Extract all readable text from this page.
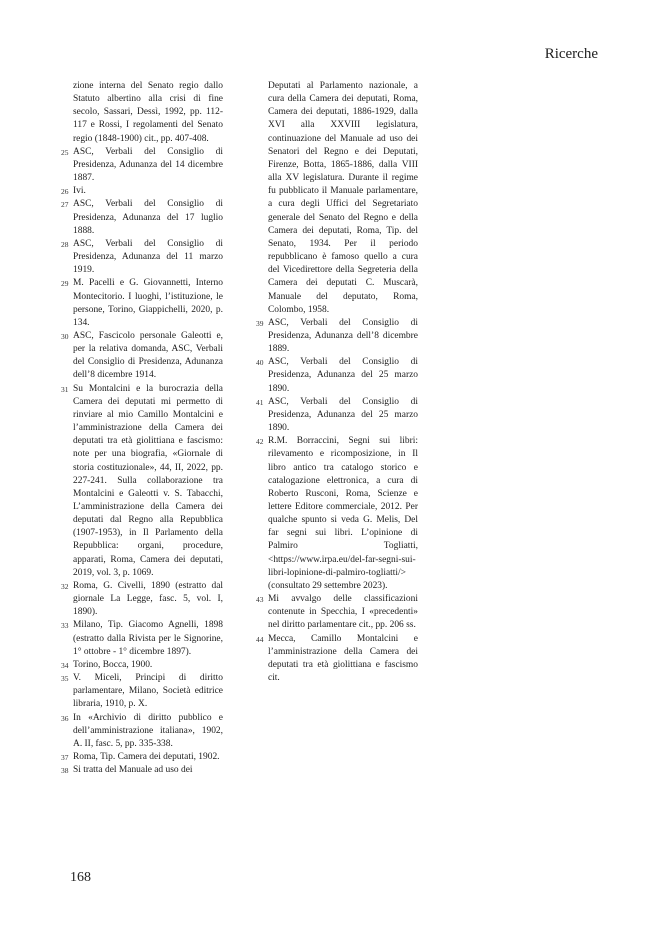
Ricerche
zione interna del Senato regio dallo Statuto albertino alla crisi di fine secolo, Sassari, Dessì, 1992, pp. 112-117 e Rossi, I regolamenti del Senato regio (1848-1900) cit., pp. 407-408.
25 ASC, Verbali del Consiglio di Presidenza, Adunanza del 14 dicembre 1887.
26 Ivi.
27 ASC, Verbali del Consiglio di Presidenza, Adunanza del 17 luglio 1888.
28 ASC, Verbali del Consiglio di Presidenza, Adunanza del 11 marzo 1919.
29 M. Pacelli e G. Giovannetti, Interno Montecitorio. I luoghi, l’istituzione, le persone, Torino, Giappichelli, 2020, p. 134.
30 ASC, Fascicolo personale Galeotti e, per la relativa domanda, ASC, Verbali del Consiglio di Presidenza, Adunanza dell’8 dicembre 1914.
31 Su Montalcini e la burocrazia della Camera dei deputati mi permetto di rinviare al mio Camillo Montalcini e l’amministrazione della Camera dei deputati tra età giolittiana e fascismo: note per una biografia, «Giornale di storia costituzionale», 44, II, 2022, pp. 227-241. Sulla collaborazione tra Montalcini e Galeotti v. S. Tabacchi, L’amministrazione della Camera dei deputati dal Regno alla Repubblica (1907-1953), in Il Parlamento della Repubblica: organi, procedure, apparati, Roma, Camera dei deputati, 2019, vol. 3, p. 1069.
32 Roma, G. Civelli, 1890 (estratto dal giornale La Legge, fasc. 5, vol. I, 1890).
33 Milano, Tip. Giacomo Agnelli, 1898 (estratto dalla Rivista per le Signorine, 1° ottobre - 1° dicembre 1897).
34 Torino, Bocca, 1900.
35 V. Miceli, Principi di diritto parlamentare, Milano, Società editrice libraria, 1910, p. X.
36 In «Archivio di diritto pubblico e dell’amministrazione italiana», 1902, A. II, fasc. 5, pp. 335-338.
37 Roma, Tip. Camera dei deputati, 1902.
38 Si tratta del Manuale ad uso dei
Deputati al Parlamento nazionale, a cura della Camera dei deputati, Roma, Camera dei deputati, 1886-1929, dalla XVI alla XXVIII legislatura, continuazione del Manuale ad uso dei Senatori del Regno e dei Deputati, Firenze, Botta, 1865-1886, dalla VIII alla XV legislatura. Durante il regime fu pubblicato il Manuale parlamentare, a cura degli Uffici del Segretariato generale del Senato del Regno e della Camera dei deputati, Roma, Tip. del Senato, 1934. Per il periodo repubblicano è famoso quello a cura del Vicedirettore della Segreteria della Camera dei deputati C. Muscarà, Manuale del deputato, Roma, Colombo, 1958.
39 ASC, Verbali del Consiglio di Presidenza, Adunanza dell’8 dicembre 1889.
40 ASC, Verbali del Consiglio di Presidenza, Adunanza del 25 marzo 1890.
41 ASC, Verbali del Consiglio di Presidenza, Adunanza del 25 marzo 1890.
42 R.M. Borraccini, Segni sui libri: rilevamento e ricomposizione, in Il libro antico tra catalogo storico e catalogazione elettronica, a cura di Roberto Rusconi, Roma, Scienze e lettere Editore commerciale, 2012. Per qualche spunto si veda G. Melis, Del far segni sui libri. L’opinione di Palmiro Togliatti, <https://www.irpa.eu/del-far-segni-sui-libri-lopinione-di-palmiro-togliatti/> (consultato 29 settembre 2023).
43 Mi avvalgo delle classificazioni contenute in Specchia, I «precedenti» nel diritto parlamentare cit., pp. 206 ss.
44 Mecca, Camillo Montalcini e l’amministrazione della Camera dei deputati tra età giolittiana e fascismo cit.
168
